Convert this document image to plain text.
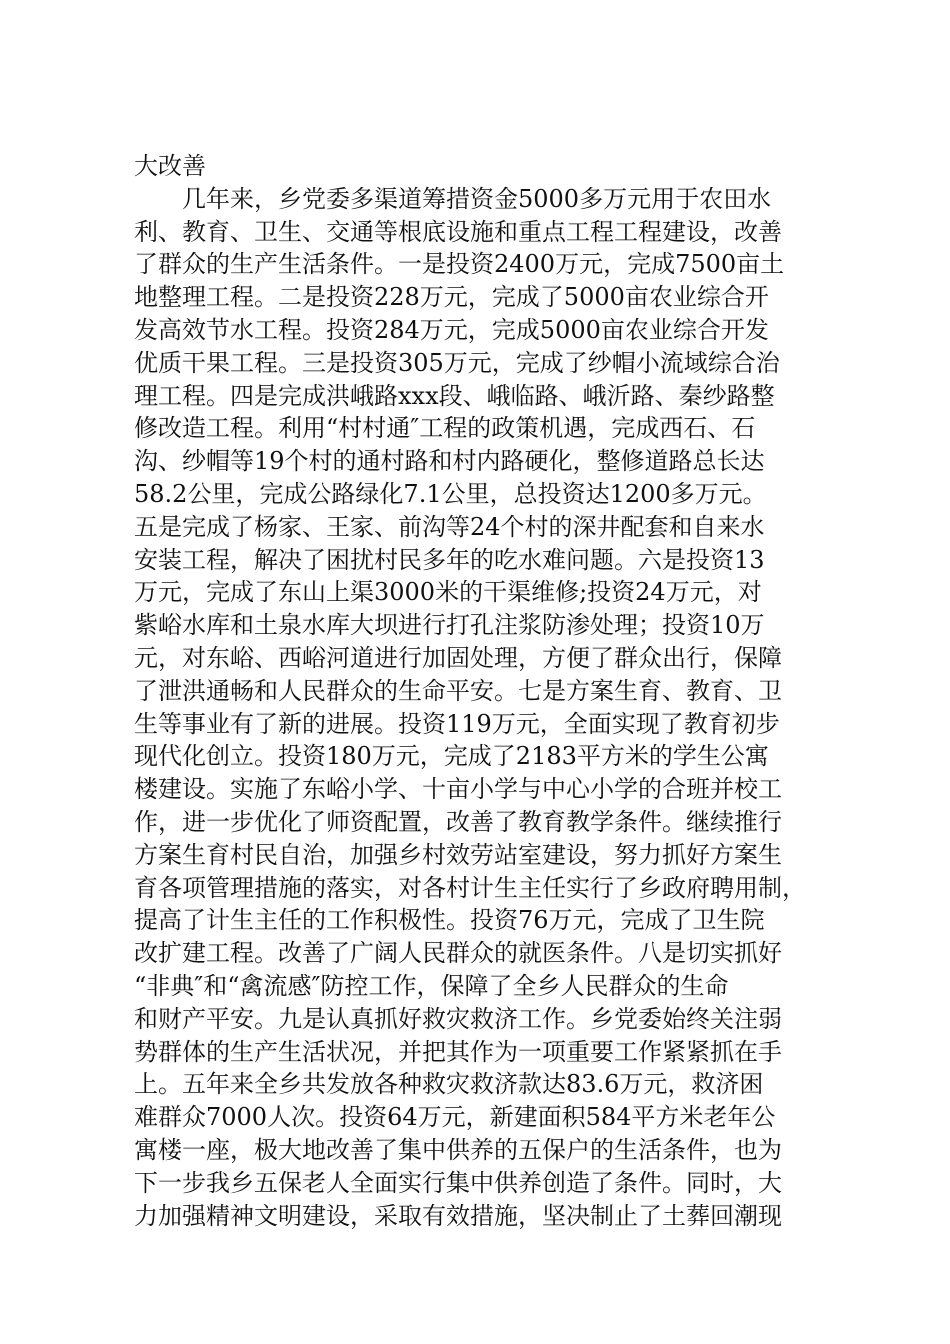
大改善
几年来，乡党委多渠道筹措资金5000多万元用于农田水
利、教育、卫生、交通等根底设施和重点工程工程建设，改善
了群众的生产生活条件。一是投资2400万元，完成7500亩土
地整理工程。二是投资228万元，完成了5000亩农业综合开
发高效节水工程。投资284万元，完成5000亩农业综合开发
优质干果工程。三是投资305万元，完成了纱帽小流域综合治
理工程。四是完成洪峨路xxx段、峨临路、峨沂路、秦纱路整
修改造工程。利用“村村通″工程的政策机遇，完成西石、石
沟、纱帽等19个村的通村路和村内路硬化，整修道路总长达
58.2公里，完成公路绿化7.1公里，总投资达1200多万元。
五是完成了杨家、王家、前沟等24个村的深井配套和自来水
安装工程，解决了困扰村民多年的吃水难问题。六是投资13
万元，完成了东山上渠3000米的干渠维修;投资24万元，对
紫峪水库和土泉水库大坝进行打孔注浆防渗处理；投资10万
元，对东峪、西峪河道进行加固处理，方便了群众出行，保障
了泄洪通畅和人民群众的生命平安。七是方案生育、教育、卫
生等事业有了新的进展。投资119万元，全面实现了教育初步
现代化创立。投资180万元，完成了2183平方米的学生公寓
楼建设。实施了东峪小学、十亩小学与中心小学的合班并校工
作，进一步优化了师资配置，改善了教育教学条件。继续推行
方案生育村民自治，加强乡村效劳站室建设，努力抓好方案生
育各项管理措施的落实，对各村计生主任实行了乡政府聘用制，
提高了计生主任的工作积极性。投资76万元，完成了卫生院
改扩建工程。改善了广阔人民群众的就医条件。八是切实抓好
“非典″和“禽流感″防控工作，保障了全乡人民群众的生命
和财产平安。九是认真抓好救灾救济工作。乡党委始终关注弱
势群体的生产生活状况，并把其作为一项重要工作紧紧抓在手
上。五年来全乡共发放各种救灾救济款达83.6万元，救济困
难群众7000人次。投资64万元，新建面积584平方米老年公
寓楼一座，极大地改善了集中供养的五保户的生活条件，也为
下一步我乡五保老人全面实行集中供养创造了条件。同时，大
力加强精神文明建设，采取有效措施，坚决制止了土葬回潮现
